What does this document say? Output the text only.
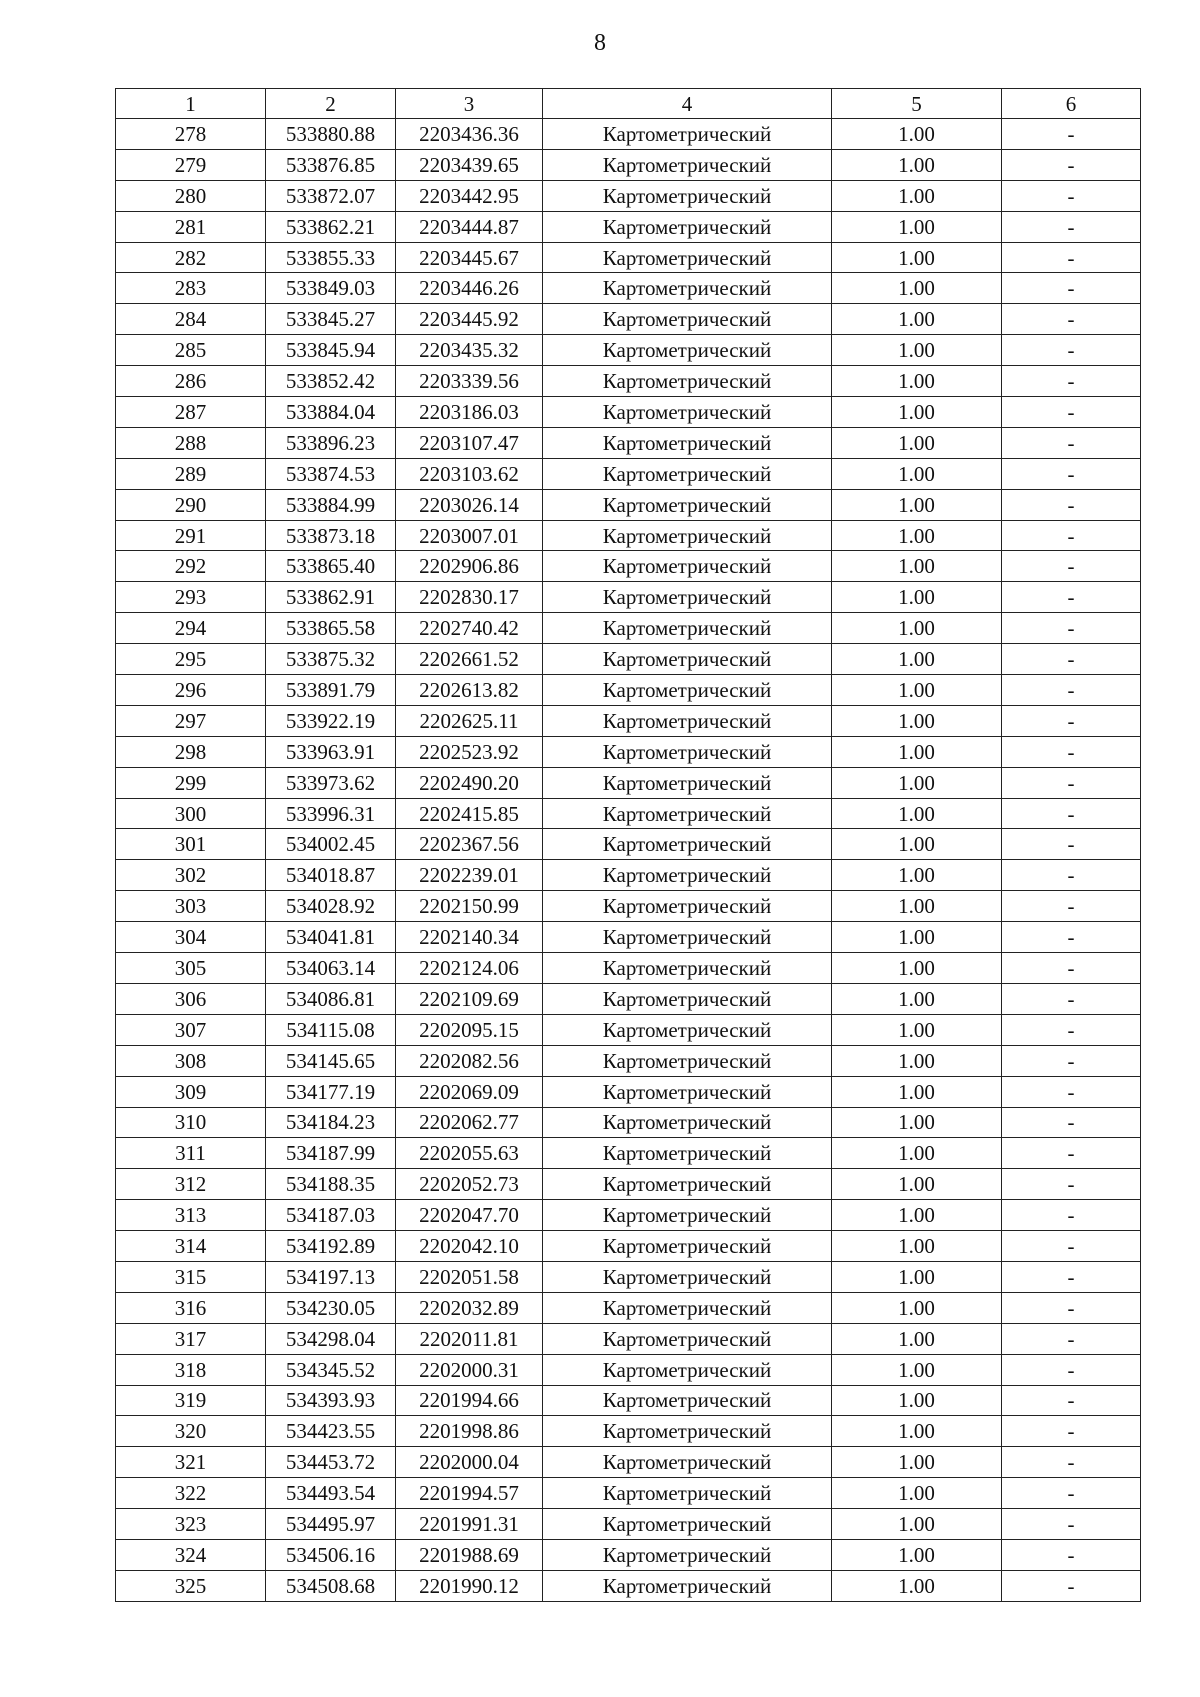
8
1	2	3	4	5	6
278	533880.88	2203436.36	Картометрический	1.00	-
279	533876.85	2203439.65	Картометрический	1.00	-
280	533872.07	2203442.95	Картометрический	1.00	-
281	533862.21	2203444.87	Картометрический	1.00	-
282	533855.33	2203445.67	Картометрический	1.00	-
283	533849.03	2203446.26	Картометрический	1.00	-
284	533845.27	2203445.92	Картометрический	1.00	-
285	533845.94	2203435.32	Картометрический	1.00	-
286	533852.42	2203339.56	Картометрический	1.00	-
287	533884.04	2203186.03	Картометрический	1.00	-
288	533896.23	2203107.47	Картометрический	1.00	-
289	533874.53	2203103.62	Картометрический	1.00	-
290	533884.99	2203026.14	Картометрический	1.00	-
291	533873.18	2203007.01	Картометрический	1.00	-
292	533865.40	2202906.86	Картометрический	1.00	-
293	533862.91	2202830.17	Картометрический	1.00	-
294	533865.58	2202740.42	Картометрический	1.00	-
295	533875.32	2202661.52	Картометрический	1.00	-
296	533891.79	2202613.82	Картометрический	1.00	-
297	533922.19	2202625.11	Картометрический	1.00	-
298	533963.91	2202523.92	Картометрический	1.00	-
299	533973.62	2202490.20	Картометрический	1.00	-
300	533996.31	2202415.85	Картометрический	1.00	-
301	534002.45	2202367.56	Картометрический	1.00	-
302	534018.87	2202239.01	Картометрический	1.00	-
303	534028.92	2202150.99	Картометрический	1.00	-
304	534041.81	2202140.34	Картометрический	1.00	-
305	534063.14	2202124.06	Картометрический	1.00	-
306	534086.81	2202109.69	Картометрический	1.00	-
307	534115.08	2202095.15	Картометрический	1.00	-
308	534145.65	2202082.56	Картометрический	1.00	-
309	534177.19	2202069.09	Картометрический	1.00	-
310	534184.23	2202062.77	Картометрический	1.00	-
311	534187.99	2202055.63	Картометрический	1.00	-
312	534188.35	2202052.73	Картометрический	1.00	-
313	534187.03	2202047.70	Картометрический	1.00	-
314	534192.89	2202042.10	Картометрический	1.00	-
315	534197.13	2202051.58	Картометрический	1.00	-
316	534230.05	2202032.89	Картометрический	1.00	-
317	534298.04	2202011.81	Картометрический	1.00	-
318	534345.52	2202000.31	Картометрический	1.00	-
319	534393.93	2201994.66	Картометрический	1.00	-
320	534423.55	2201998.86	Картометрический	1.00	-
321	534453.72	2202000.04	Картометрический	1.00	-
322	534493.54	2201994.57	Картометрический	1.00	-
323	534495.97	2201991.31	Картометрический	1.00	-
324	534506.16	2201988.69	Картометрический	1.00	-
325	534508.68	2201990.12	Картометрический	1.00	-
